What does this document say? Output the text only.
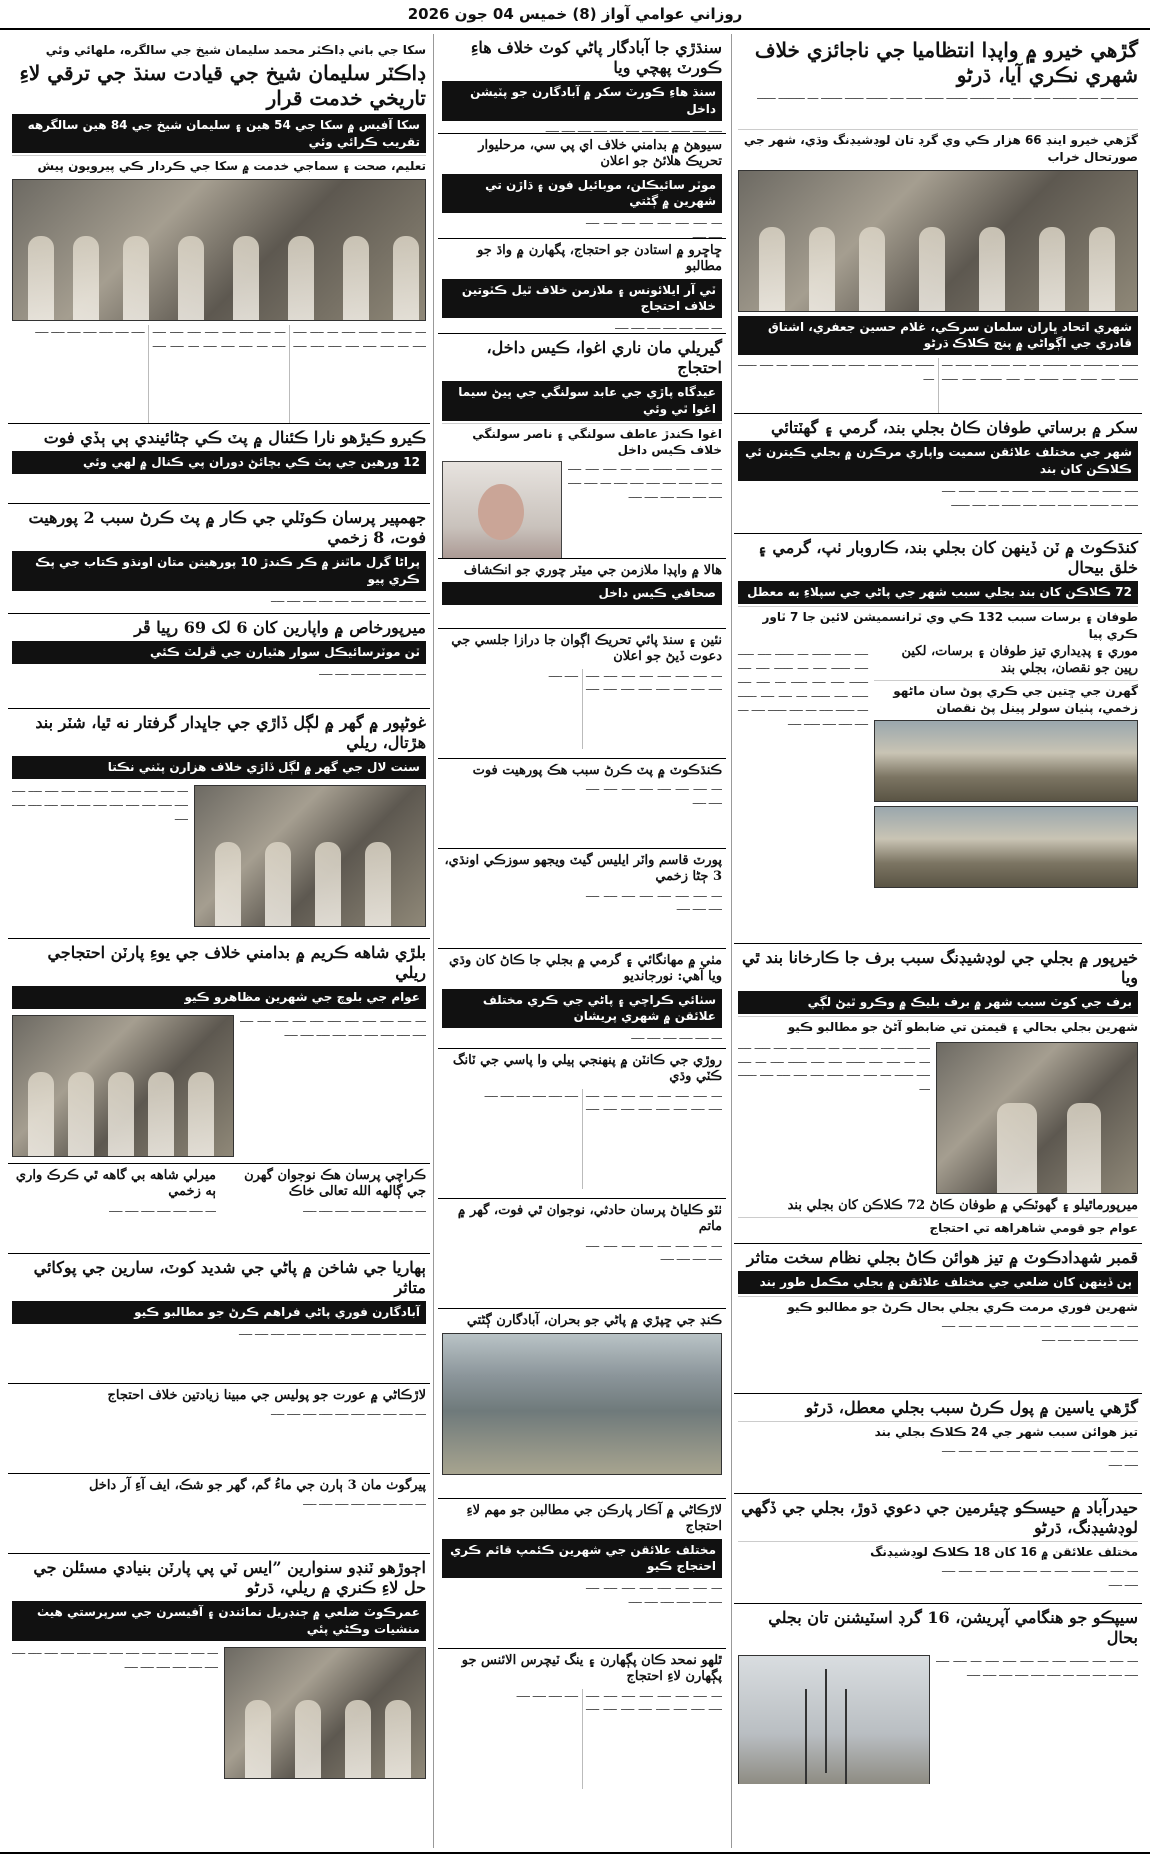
روزاني عوامي آواز (8) خميس 04 جون 2026
گڙهي خيرو ۾ واپڊا انتظاميا جي ناجائزي خلاف شهري نڪري آيا، ڌرڻو
ــــــــ ـــــ ـــــــ ـــــــــ ــــــ ـــــــ ـــــ ـــــــــ ــــــــ ـــــــ ــــــ ـــــ ــــــــ ـــــــ ــــــــ ــــ ــــــــــ ـــــــ
گڙهي خيرو اينڊ 66 هزار ڪي وي گرڊ تان لوڊشيڊنگ وڌي، شهر جي صورتحال خراب
شهري اتحاد ڀاران سلمان سرڪي، غلام حسين جعفري، اشتاق قادري جي اڳواڻي ۾ پنج ڪلاڪ ڌرڻو
ــــــ ـــــ ـــــــ ــــ ـــــــــ ــــ ـــــ ـــــــ ـــــ ــــــ ــــ ـــــــ ـــــ ــــــ ـــــ ـــــــ ــــ ـــــ ــــــــ ـــــ ــــــ ـــــــ ــــ ـــــ ـــــ ــــــ ـــــ ــــــ ـــــــ ــــ ـــــ ـــــــ ــــ
سکر ۾ برساتي طوفان ڪاڻ بجلي بند، گرمي ۽ گهٽتائي
شهر جي مختلف علائقن سميت واپاري مرڪزن ۾ بجلي ڪيترن ئي ڪلاڪن کان بند
ـــــ ـــــــ ــــ ـــــ ـــــــ ـــــ ــــــ ـــ ـــــــ ــــــ ـــــ ـــــ ــــ ـــــــ ـــــ ـــــ ــــــ ـــــ ـــــــ ــــ ـــــ ـــــــ
کنڌڪوٽ ۾ ٽن ڏينهن کان بجلي بند، ڪاروبار ٺپ، گرمي ۽ خلق بيحال
72 ڪلاڪن کان بند بجلي سبب شهر جي پاڻي جي سپلاءِ به معطل
طوفان ۽ برسات سبب 132 ڪي وي ٽرانسميشن لائين جا 7 ٽاور ڪري پيا
موري ۽ پڊيداري تيز طوفان ۽ برسات، لکين رپين جو نقصان، بجلي بند
گهرن جي ڇتين جي ڪري پوڻ سان ماڻهو زخمي، پٺيان سولر پينل پڻ نقصان
ـــــ ــــــ ـــــــ ــــ ـــــــ ـــــ ــــــ ـــــ ـــــــ ـــــ ــــ ـــــــ ـــــ ـــــ ـــــــ ـــــ ـــــ ــــــ ــــ ـــــ ـــــ ــــــ ـــــ ـــــــ ــــ ـــــ ـــــ ـــــــ ــــ ـــــــ ـــــ ــــ ـــــ ـــــــ ـــــ ــــ ـــــ ـــــ ـــــ ــــــ ـــــ
خيرپور ۾ بجلي جي لوڊشيڊنگ سبب برف جا ڪارخانا بند ٿي ويا
برف جي کوٽ سبب شهر ۾ برف بليڪ ۾ وڪرو ٿيڻ لڳي
شهرين بجلي بحالي ۽ قيمتن تي ضابطو آڻڻ جو مطالبو ڪيو
ـــــ ــــــ ـــــ ـــــــ ـــــ ــــ ـــــــ ـــــ ـــــ ــــــ ـــــ ــــ ــــ ـــــ ـــــ ـــــــ ـــــ ـــــ ـــــــ ـــــ ــــ ـــــ ـــــ ـــــــ ــــ ـــــ ـــــ ــــــ ـــــ ـــــ ـــــ ـــــ ـــــــ ــــ
ميرپورماٿيلو ۽ گهوٽڪي ۾ طوفان ڪاڻ 72 ڪلاڪن کان بجلي بند
عوام جو قومي شاهراهه تي احتجاج
قمبر شهدادڪوٽ ۾ تيز هوائن ڪاڻ بجلي نظام سخت متاثر
ٻن ڏينهن کان ضلعي جي مختلف علائقن ۾ بجلي مڪمل طور بند
شهرين فوري مرمت ڪري بجلي بحال ڪرڻ جو مطالبو ڪيو
ــــ ـــــ ـــــ ـــــــ ـــــ ــــ ـــــ ـــــ ـــــ ــــ ـــــ ـــــ ـــــــ ـــــ ـــــ ــــ ـــــ ـــــ
گڙهي ياسين ۾ پول ڪرڻ سبب بجلي معطل، ڌرڻو
تيز هوائن سبب شهر جي 24 ڪلاڪ بجلي بند
ــــ ـــــ ـــــ ـــــــ ـــــ ــــ ـــــ ـــــ ـــــ ــــ ـــــ ـــــ ـــــ ـــــ
حيدرآباد ۾ حيسڪو چيئرمين جي دعوي ڌوڙ، بجلي جي ڏگهي لوڊشيڊنگ، ڌرڻو
مختلف علائقن ۾ 16 کان 18 ڪلاڪ لوڊشيڊنگ
ــــ ـــــ ـــــ ـــــــ ـــــ ــــ ـــــ ـــــ ـــــ ــــ ـــــ ـــــ ـــــ ـــــ
سيپڪو جو هنگامي آپريشن، 16 گرڊ اسٽيشنن تان بجلي بحال
ــــ ـــــ ـــــ ـــــــ ـــــ ــــ ـــــ ـــــ ـــــ ــــ ـــــ ـــــ ـــــ ـــــ ـــــ ـــــ ــــ ـــــ ـــــ ـــــ ـــــ ـــــ ـــــ
سنڌڙي جا آبادگار پاڻي کوٽ خلاف هاءِ ڪورٽ پهچي ويا
سنڌ هاءِ ڪورٽ سکر ۾ آبادگارن جو پٽيشن داخل
ـــــ ـــــ ـــــــ ـــــ ــــ ـــــ ـــــ ـــــ ـــــ ـــــ ـــــ
سيوهڻ ۾ بدامني خلاف اي پي سي، مرحليوار تحريڪ هلائڻ جو اعلان
موٽر سائيڪلن، موبائيل فون ۽ ڌاڙن تي شهرين ۾ ڳڻتي
ــــ ـــــ ـــــ ـــــ ـــــ ـــــ ـــــ ـــــ ـــــ ـــــ
ڇاڇرو ۾ استادن جو احتجاج، پگهارن ۾ واڌ جو مطالبو
ٽي آر ايلائونس ۽ ملازمن خلاف ٿيل ڪٽوتين خلاف احتجاج
ــــ ـــــ ـــــ ـــــ ـــــ ـــــ ـــــ
گيريلي مان ناري اغوا، ڪيس داخل، احتجاج
عيدگاه پاڙي جي عابد سولنگي جي ڀيڻ سيما اغوا ٿي وئي
اغوا ڪندڙ عاطف سولنگي ۽ ناصر سولنگي خلاف ڪيس داخل
ــــ ـــــ ـــــ ـــــــ ـــــ ــــ ـــــ ـــــ ـــــ ــــ ـــــ ـــــ ـــــ ـــــ ـــــ ـــــ ــــ ـــــ ـــــ ـــــ ـــــ ـــــ ـــــ ـــــ ـــــ
هالا ۾ واپڊا ملازمن جي ميٽر چوري جو انڪشاف
صحافي ڪيس داخل
نئين ۽ سنڌ پائي تحريڪ اڳوان جا درازا جلسي جي دعوت ڏيڻ جو اعلان
ــــ ـــــ ـــــ ـــــ ـــــ ـــــ ـــــ ـــــ ـــــ ـــــ ـــــ ـــــ ـــــ ـــــ ـــــ ـــــ ـــــ ـــــ
ڪنڌڪوٽ ۾ پٽ ڪرڻ سبب هڪ پورهيت فوت
ــــ ـــــ ـــــ ـــــ ـــــ ـــــ ـــــ ـــــ ـــــ ـــــ
پورٽ قاسم واٽر ايليس گيٽ ويجهو سوزڪي اونڌي، 3 ڄڻا زخمي
ــــ ـــــ ـــــ ـــــ ـــــ ـــــ ـــــ ـــــ ـــــ ـــــ ـــــ
مٺي ۾ مهانگائي ۽ گرمي ۾ بجلي جا ڪاڻ کان وڌي ويا آهي: نورجانديو
سٺائي ڪراچي ۽ پاڻي جي ڪري مختلف علائقن ۾ شهري پريشان
ــــ ـــــ ـــــ ـــــ ـــــ ـــــ
روڙي جي ڪانٽن ۾ پنهنجي ٻيلي وا پاسي جي ٽانگ ڪٽي وڌي
ــــ ـــــ ـــــ ـــــ ـــــ ـــــ ـــــ ـــــ ـــــ ـــــ ـــــ ـــــ ـــــ ـــــ ـــــ ـــــ ـــــ ـــــ ـــــ ـــــ ـــــ ـــــ
ٺٽو ڪلياڻ پرسان حادثي، نوجوان ٿي فوت، گهر ۾ ماتم
ــــ ـــــ ـــــ ـــــ ـــــ ـــــ ـــــ ـــــ ـــــ ـــــ ـــــ ـــــ
ڪنڊ جي ڇپڙي ۾ پاڻي جو بحران، آبادگارن ڳڻتي
لاڙڪاڻي ۾ آڪار پارڪن جي مطالبن جو مهم لاءِ احتجاج
مختلف علائقن جي شهرين ڪئمپ قائم ڪري احتجاج ڪيو
ــــ ـــــ ـــــ ـــــ ـــــ ـــــ ـــــ ـــــ ـــــ ـــــ ـــــ ـــــ ـــــ ـــــ
ٿلهو نمحد ڪان پڳهارن ۽ ينگ ٽيچرس الائنس جو پڳهارن لاءِ احتجاج
ــــ ـــــ ـــــ ـــــ ـــــ ـــــ ـــــ ـــــ ـــــ ـــــ ـــــ ـــــ ـــــ ـــــ ـــــ ـــــ ـــــ ـــــ ـــــ ـــــ
سکا جي باني ڊاڪٽر محمد سليمان شيخ جي سالگره، ملهائي وئي
ڊاڪٽر سليمان شيخ جي قيادت سنڌ جي ترقي لاءِ تاريخي خدمت قرار
سکا آفيس ۾ سکا جي 54 هين ۽ سليمان شيخ جي 84 هين سالگرهه تقريب ڪرائي وئي
تعليم، صحت ۽ سماجي خدمت ۾ سکا جي ڪردار ڪي پيرويون پيش
ــــ ـــــ ـــــ ـــــــ ـــــ ــــ ـــــ ـــــ ـــــ ــــ ـــــ ـــــ ـــــ ـــــ ـــــ ـــــ ــــ ـــــ ـــــ ـــــ ـــــ ـــــ ـــــ ـــــ ـــــ ــــ ـــــ ـــــ ـــــ ــــ ـــــ ـــــ ـــــ ـــــ ـــــ ـــــ ـــــ ـــــ ـــــ
ڪيرو ڪيڙهو نارا ڪئنال ۾ پٽ ڪي ڄڻائيندي ٻي ٻڏي فوت
12 ورهين جي پٽ ڪي بچائڻ دوران پي ڪنال ۾ لهي وئي
جهمپير پرسان ڪوٽلي جي ڪار ۾ پٽ ڪرڻ سبب 2 پورهيت فوت، 8 زخمي
پراڻا گرل ماٿنز ۾ ڪر ڪندڙ 10 پورهيتن متان اونڌو ڪتاب جي پڪ ڪري پيو
ــــ ـــــ ـــــ ـــــ ـــــ ـــــ ـــــ ـــــ ـــــ ـــــ
ميرپورخاص ۾ واپارين کان 6 لک 69 رپيا ڦر
ٽن موٽرسائيڪل سوار هٿيارن جي ڦرلٽ ڪئي
ــــ ـــــ ـــــ ـــــ ـــــ ـــــ ـــــ
غوڻپور ۾ گهر ۾ لڳل ڏاڙي جي جاڀدار گرفتار نه ٿيا، شٽر بند هڙتال، ريلي
سنت لال جي گهر ۾ لڳل ڏاڙي خلاف هزارن پٽني نڪتا
ــــ ـــــ ـــــ ـــــ ـــــ ـــــ ـــــ ـــــ ـــــ ـــــ ـــــ ـــــ ـــــ ـــــ ـــــ ـــــ ـــــ ـــــ ـــــ ـــــ ـــــ ـــــ ـــــ
بلڙي شاهه ڪريم ۾ بدامني خلاف جي يوءِ پارٽن احتجاجي ريلي
عوام جي بلوچ جي شهرين مظاهرو ڪيو
ــــ ـــــ ـــــ ـــــ ـــــ ـــــ ـــــ ـــــ ـــــ ـــــ ـــــ ـــــ ـــــ ـــــ ـــــ ـــــ ـــــ ـــــ ـــــ ـــــ
ڪراچي پرسان هڪ نوجوان گهرن جي ڳالهه الله تعالى خاڪ
ــــ ـــــ ـــــ ـــــ ـــــ ـــــ ـــــ ـــــ
ميرلي شاهه بي گاهه ٿي ڪرڪ واري ٻه زخمي
ــــ ـــــ ـــــ ـــــ ـــــ ـــــ ـــــ
ٻهاريا جي شاخن ۾ پاڻي جي شديد کوٽ، سارين جي پوکائي متاثر
آبادگارن فوري پاڻي فراهم ڪرڻ جو مطالبو ڪيو
ــــ ـــــ ـــــ ـــــ ـــــ ـــــ ـــــ ـــــ ـــــ ـــــ ـــــ ـــــ
لاڙڪاڻي ۾ عورت جو پوليس جي مبينا زيادتين خلاف احتجاج
ــــ ـــــ ـــــ ـــــ ـــــ ـــــ ـــــ ـــــ ـــــ ـــــ
پيرگوٺ مان 3 ٻارن جي ماءُ گم، گهر جو شڪ، ايف آءِ آر داخل
ــــ ـــــ ـــــ ـــــ ـــــ ـــــ ـــــ ـــــ
اڄوڙهو ٽنڊو سنوارين ”ايس ٽي پي پارٽن بنيادي مسئلن جي حل لاءِ ڪنري ۾ ريلي، ڌرڻو
عمرڪوٽ ضلعي ۾ ڄنڊريل نمائندن ۽ آفيسرن جي سرپرستي هيٺ منشيات وڪڻي پئي
ــــ ـــــ ـــــ ـــــ ـــــ ـــــ ـــــ ـــــ ـــــ ـــــ ـــــ ـــــ ـــــ ـــــ ـــــ ـــــ ـــــ ـــــ ـــــ
